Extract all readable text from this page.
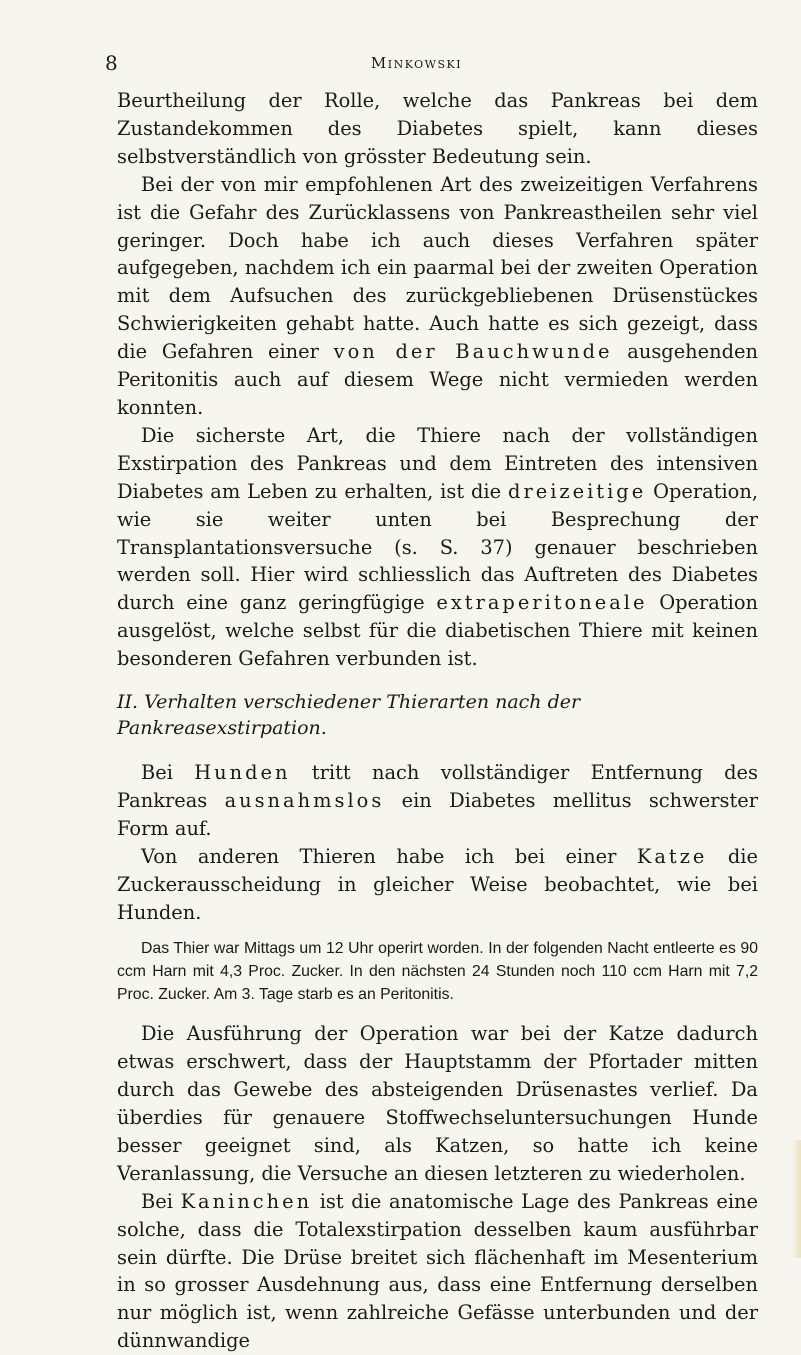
8	Minkowski

Beurtheilung der Rolle, welche das Pankreas bei dem Zustandekommen des Diabetes spielt, kann dieses selbstverständlich von grösster Bedeutung sein.

Bei der von mir empfohlenen Art des zweizeitigen Verfahrens ist die Gefahr des Zurücklassens von Pankreastheilen sehr viel geringer. Doch habe ich auch dieses Verfahren später aufgegeben, nachdem ich ein paarmal bei der zweiten Operation mit dem Aufsuchen des zurückgebliebenen Drüsenstückes Schwierigkeiten gehabt hatte. Auch hatte es sich gezeigt, dass die Gefahren einer von der Bauchwunde ausgehenden Peritonitis auch auf diesem Wege nicht vermieden werden konnten.

Die sicherste Art, die Thiere nach der vollständigen Exstirpation des Pankreas und dem Eintreten des intensiven Diabetes am Leben zu erhalten, ist die dreizeitige Operation, wie sie weiter unten bei Besprechung der Transplantationsversuche (s. S. 37) genauer beschrieben werden soll. Hier wird schliesslich das Auftreten des Diabetes durch eine ganz geringfügige extraperitoneale Operation ausgelöst, welche selbst für die diabetischen Thiere mit keinen besonderen Gefahren verbunden ist.

II. Verhalten verschiedener Thierarten nach der Pankreasexstirpation.

Bei Hunden tritt nach vollständiger Entfernung des Pankreas ausnahmslos ein Diabetes mellitus schwerster Form auf.

Von anderen Thieren habe ich bei einer Katze die Zuckerausscheidung in gleicher Weise beobachtet, wie bei Hunden.

Das Thier war Mittags um 12 Uhr operirt worden. In der folgenden Nacht entleerte es 90 ccm Harn mit 4,3 Proc. Zucker. In den nächsten 24 Stunden noch 110 ccm Harn mit 7,2 Proc. Zucker. Am 3. Tage starb es an Peritonitis.

Die Ausführung der Operation war bei der Katze dadurch etwas erschwert, dass der Hauptstamm der Pfortader mitten durch das Gewebe des absteigenden Drüsenastes verlief. Da überdies für genauere Stoffwechseluntersuchungen Hunde besser geeignet sind, als Katzen, so hatte ich keine Veranlassung, die Versuche an diesen letzteren zu wiederholen.

Bei Kaninchen ist die anatomische Lage des Pankreas eine solche, dass die Totalexstirpation desselben kaum ausführbar sein dürfte. Die Drüse breitet sich flächenhaft im Mesenterium in so grosser Ausdehnung aus, dass eine Entfernung derselben nur möglich ist, wenn zahlreiche Gefässe unterbunden und der dünnwandige
